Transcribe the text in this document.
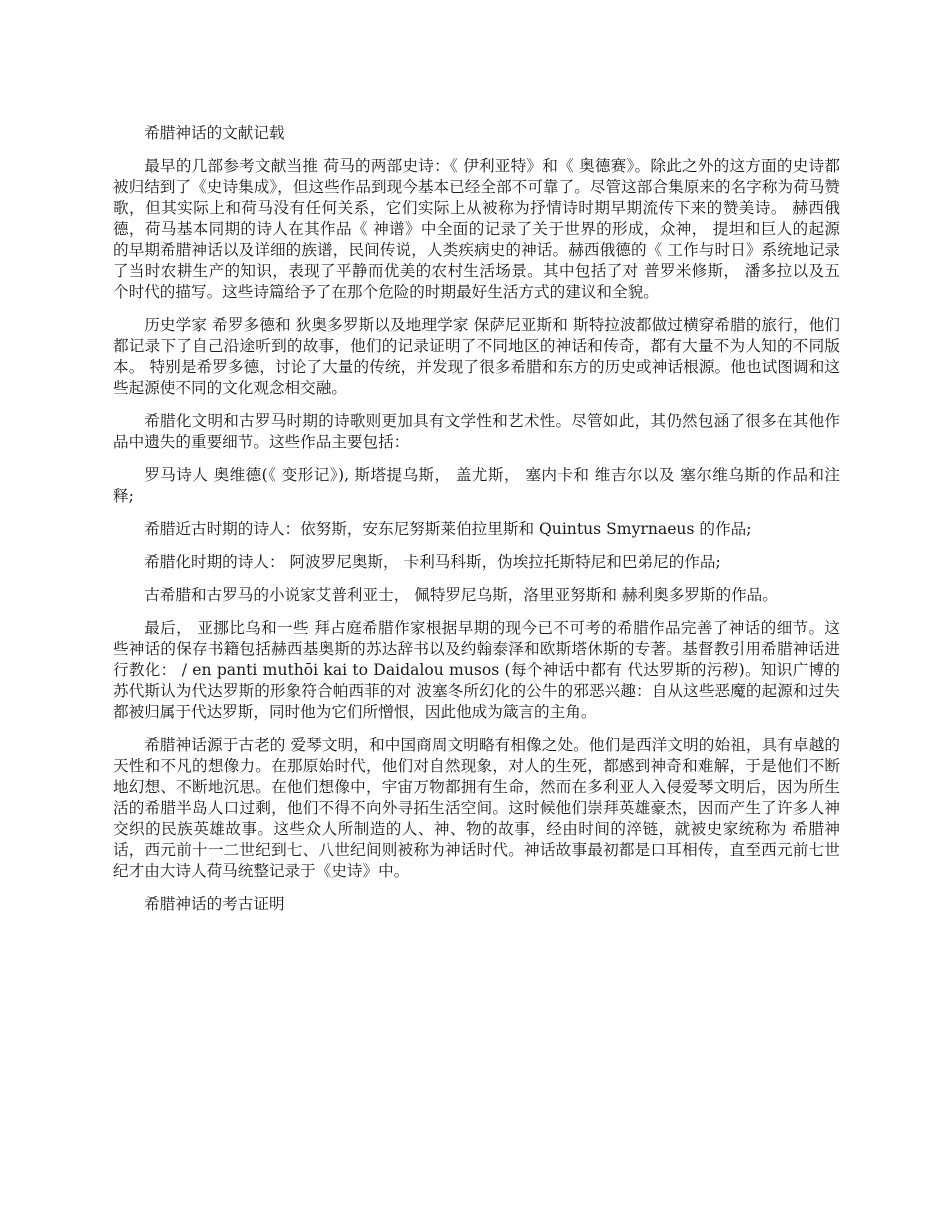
希腊神话的文献记载

最早的几部参考文献当推 荷马的两部史诗：《 伊利亚特》和《 奥德赛》。除此之外的这方面的史诗都被归结到了《史诗集成》，但这些作品到现今基本已经全部不可靠了。尽管这部合集原来的名字称为荷马赞歌，但其实际上和荷马没有任何关系，它们实际上从被称为抒情诗时期早期流传下来的赞美诗。 赫西俄德，荷马基本同期的诗人在其作品《 神谱》中全面的记录了关于世界的形成，众神， 提坦和巨人的起源的早期希腊神话以及详细的族谱，民间传说，人类疾病史的神话。赫西俄德的《 工作与时日》系统地记录了当时农耕生产的知识，表现了平静而优美的农村生活场景。其中包括了对 普罗米修斯， 潘多拉以及五个时代的描写。这些诗篇给予了在那个危险的时期最好生活方式的建议和全貌。

历史学家 希罗多德和 狄奥多罗斯以及地理学家 保萨尼亚斯和 斯特拉波都做过横穿希腊的旅行，他们都记录下了自己沿途听到的故事，他们的记录证明了不同地区的神话和传奇，都有大量不为人知的不同版本。 特别是希罗多德，讨论了大量的传统，并发现了很多希腊和东方的历史或神话根源。他也试图调和这些起源使不同的文化观念相交融。

希腊化文明和古罗马时期的诗歌则更加具有文学性和艺术性。尽管如此，其仍然包涵了很多在其他作品中遗失的重要细节。这些作品主要包括：

罗马诗人 奥维德(《 变形记》), 斯塔提乌斯， 盖尤斯， 塞内卡和 维吉尔以及 塞尔维乌斯的作品和注释;

希腊近古时期的诗人：依努斯，安东尼努斯莱伯拉里斯和 Quintus Smyrnaeus 的作品;

希腊化时期的诗人： 阿波罗尼奥斯， 卡利马科斯，伪埃拉托斯特尼和巴弟尼的作品;

古希腊和古罗马的小说家艾普利亚士， 佩特罗尼乌斯，洛里亚努斯和 赫利奥多罗斯的作品。

最后， 亚挪比乌和一些 拜占庭希腊作家根据早期的现今已不可考的希腊作品完善了神话的细节。这些神话的保存书籍包括赫西基奥斯的苏达辞书以及约翰泰泽和欧斯塔休斯的专著。基督教引用希腊神话进行教化： / en panti muthōi kai to Daidalou musos (每个神话中都有 代达罗斯的污秽)。知识广博的苏代斯认为代达罗斯的形象符合帕西菲的对 波塞冬所幻化的公牛的邪恶兴趣：自从这些恶魔的起源和过失都被归属于代达罗斯，同时他为它们所憎恨，因此他成为箴言的主角。

希腊神话源于古老的 爱琴文明，和中国商周文明略有相像之处。他们是西洋文明的始祖，具有卓越的天性和不凡的想像力。在那原始时代，他们对自然现象，对人的生死，都感到神奇和难解，于是他们不断地幻想、不断地沉思。在他们想像中，宇宙万物都拥有生命，然而在多利亚人入侵爱琴文明后，因为所生活的希腊半岛人口过剩，他们不得不向外寻拓生活空间。这时候他们崇拜英雄豪杰，因而产生了许多人神交织的民族英雄故事。这些众人所制造的人、神、物的故事，经由时间的淬链，就被史家统称为 希腊神话，西元前十一二世纪到七、八世纪间则被称为神话时代。神话故事最初都是口耳相传，直至西元前七世纪才由大诗人荷马统整记录于《史诗》中。

希腊神话的考古证明
